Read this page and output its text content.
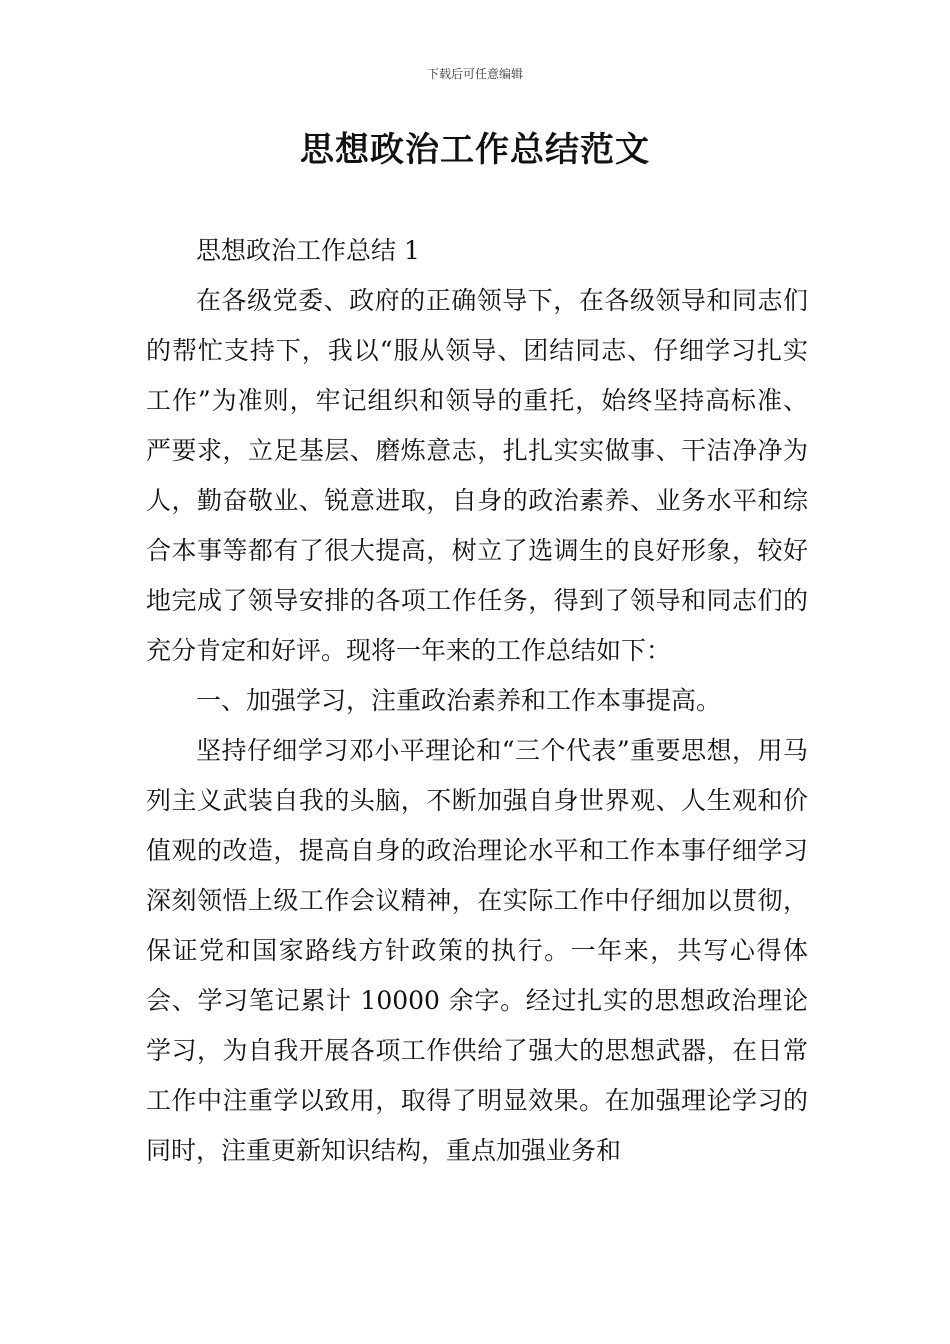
下载后可任意编辑
思想政治工作总结范文

思想政治工作总结 1

在各级党委、政府的正确领导下，在各级领导和同志们的帮忙支持下，我以“服从领导、团结同志、仔细学习扎实工作”为准则，牢记组织和领导的重托，始终坚持高标准、严要求，立足基层、磨炼意志，扎扎实实做事、干洁净净为人，勤奋敬业、锐意进取，自身的政治素养、业务水平和综合本事等都有了很大提高，树立了选调生的良好形象，较好地完成了领导安排的各项工作任务，得到了领导和同志们的充分肯定和好评。现将一年来的工作总结如下：

一、加强学习，注重政治素养和工作本事提高。

坚持仔细学习邓小平理论和“三个代表”重要思想，用马列主义武装自我的头脑，不断加强自身世界观、人生观和价值观的改造，提高自身的政治理论水平和工作本事仔细学习深刻领悟上级工作会议精神，在实际工作中仔细加以贯彻，保证党和国家路线方针政策的执行。一年来，共写心得体会、学习笔记累计 10000 余字。经过扎实的思想政治理论学习，为自我开展各项工作供给了强大的思想武器，在日常工作中注重学以致用，取得了明显效果。在加强理论学习的同时，注重更新知识结构，重点加强业务和
